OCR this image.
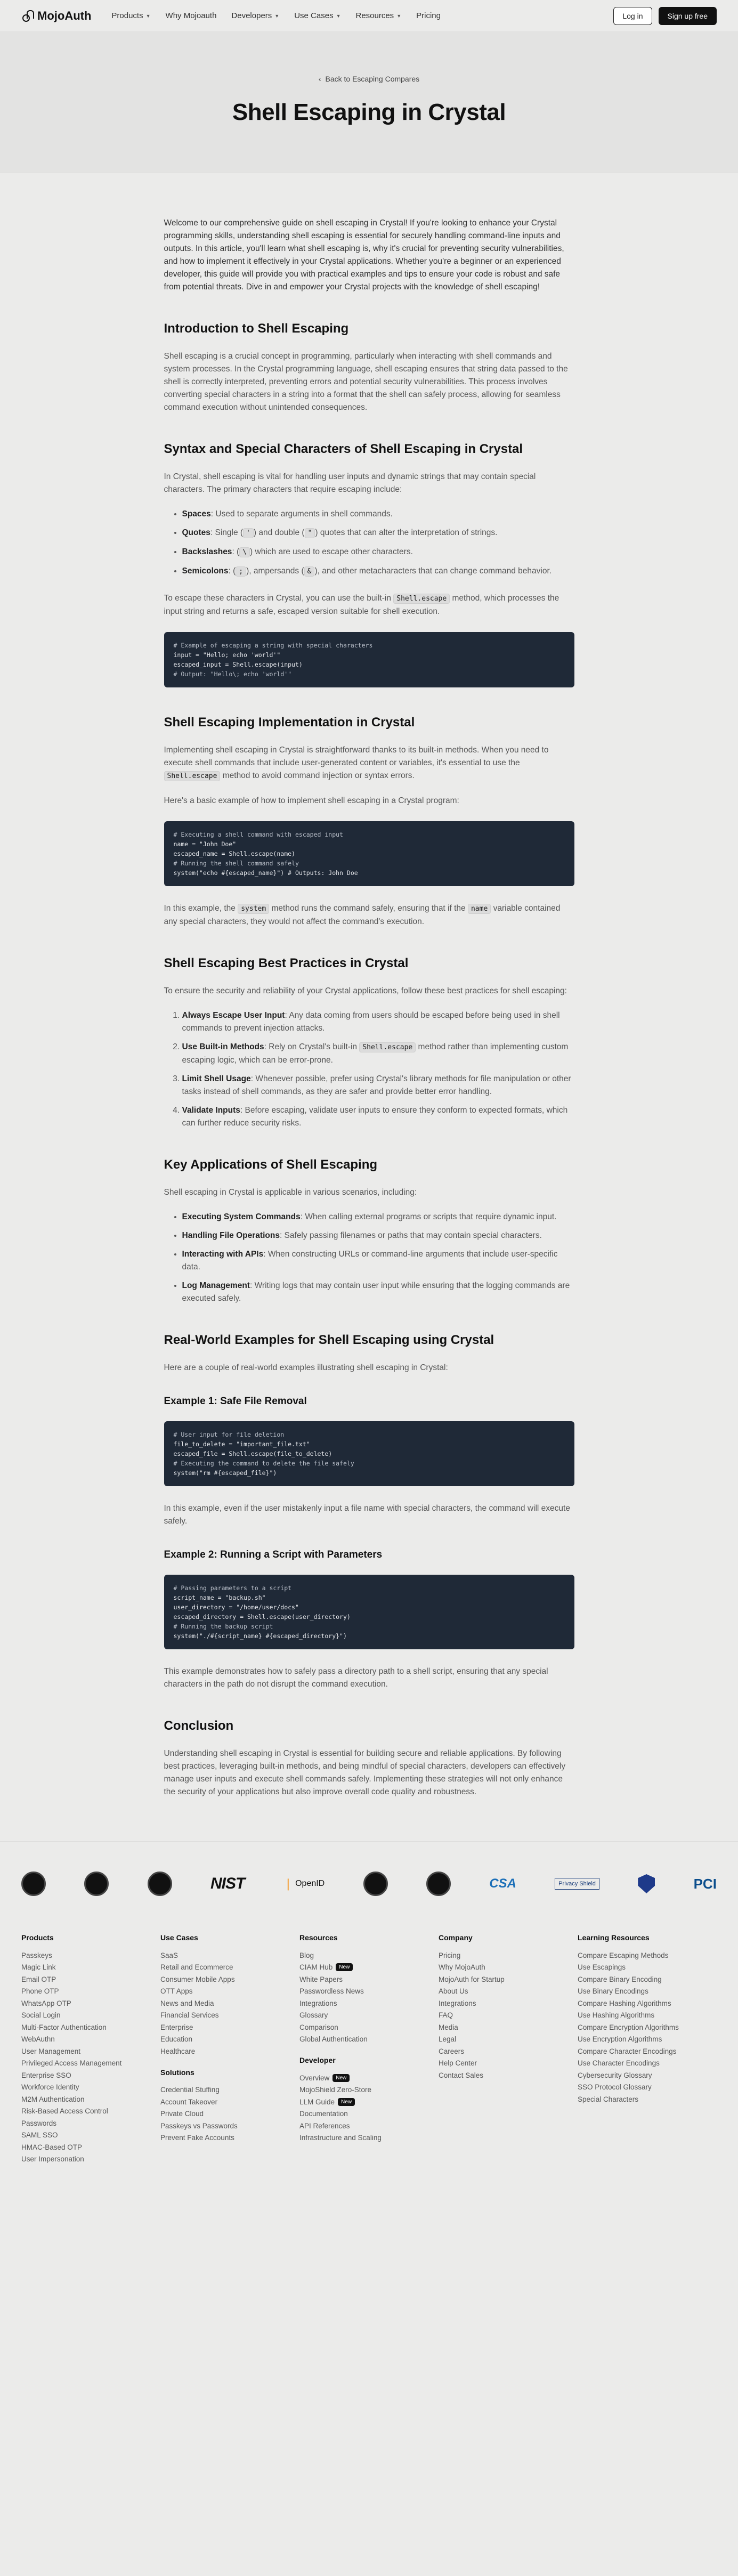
MojoAuth	Products ▼ Why Mojoauth Developers ▼ Use Cases ▼ Resources ▼ Pricing	Log in	Sign up free
‹ Back to Escaping Compares
Shell Escaping in Crystal

Welcome to our comprehensive guide on shell escaping in Crystal! If you're looking to enhance your Crystal programming skills, understanding shell escaping is essential for securely handling command-line inputs and outputs. In this article, you'll learn what shell escaping is, why it's crucial for preventing security vulnerabilities, and how to implement it effectively in your Crystal applications. Whether you're a beginner or an experienced developer, this guide will provide you with practical examples and tips to ensure your code is robust and safe from potential threats. Dive in and empower your Crystal projects with the knowledge of shell escaping!

Introduction to Shell Escaping

Shell escaping is a crucial concept in programming, particularly when interacting with shell commands and system processes. In the Crystal programming language, shell escaping ensures that string data passed to the shell is correctly interpreted, preventing errors and potential security vulnerabilities. This process involves converting special characters in a string into a format that the shell can safely process, allowing for seamless command execution without unintended consequences.

Syntax and Special Characters of Shell Escaping in Crystal

In Crystal, shell escaping is vital for handling user inputs and dynamic strings that may contain special characters. The primary characters that require escaping include:

• Spaces: Used to separate arguments in shell commands.
• Quotes: Single ( ' ) and double ( " ) quotes that can alter the interpretation of strings.
• Backslashes: ( \ ) which are used to escape other characters.
• Semicolons: ( ; ), ampersands ( & ), and other metacharacters that can change command behavior.

To escape these characters in Crystal, you can use the built-in Shell.escape method, which processes the input string and returns a safe, escaped version suitable for shell execution.

# Example of escaping a string with special characters
input = "Hello; echo 'world'"
escaped_input = Shell.escape(input)
# Output: "Hello\; echo 'world'"
Shell Escaping Implementation in Crystal

Implementing shell escaping in Crystal is straightforward thanks to its built-in methods. When you need to execute shell commands that include user-generated content or variables, it's essential to use the Shell.escape method to avoid command injection or syntax errors.

Here's a basic example of how to implement shell escaping in a Crystal program:

# Executing a shell command with escaped input
name = "John Doe"
escaped_name = Shell.escape(name)
# Running the shell command safely
system("echo #{escaped_name}") # Outputs: John Doe

In this example, the system method runs the command safely, ensuring that if the name variable contained any special characters, they would not affect the command's execution.

Shell Escaping Best Practices in Crystal

To ensure the security and reliability of your Crystal applications, follow these best practices for shell escaping:

1. Always Escape User Input: Any data coming from users should be escaped before being used in shell commands to prevent injection attacks.
2. Use Built-in Methods: Rely on Crystal's built-in Shell.escape method rather than implementing custom escaping logic, which can be error-prone.
3. Limit Shell Usage: Whenever possible, prefer using Crystal's library methods for file manipulation or other tasks instead of shell commands, as they are safer and provide better error handling.
4. Validate Inputs: Before escaping, validate user inputs to ensure they conform to expected formats, which can further reduce security risks.
Key Applications of Shell Escaping

Shell escaping in Crystal is applicable in various scenarios, including:

• Executing System Commands: When calling external programs or scripts that require dynamic input.
• Handling File Operations: Safely passing filenames or paths that may contain special characters.
• Interacting with APIs: When constructing URLs or command-line arguments that include user-specific data.
• Log Management: Writing logs that may contain user input while ensuring that the logging commands are executed safely.
Real-World Examples for Shell Escaping using Crystal

Here are a couple of real-world examples illustrating shell escaping in Crystal:

Example 1: Safe File Removal
# User input for file deletion
file_to_delete = "important_file.txt"
escaped_file = Shell.escape(file_to_delete)
# Executing the command to delete the file safely
system("rm #{escaped_file}")

In this example, even if the user mistakenly input a file name with special characters, the command will execute safely.

Example 2: Running a Script with Parameters
# Passing parameters to a script
script_name = "backup.sh"
user_directory = "/home/user/docs"
escaped_directory = Shell.escape(user_directory)
# Running the backup script
system("./#{script_name} #{escaped_directory}")

This example demonstrates how to safely pass a directory path to a shell script, ensuring that any special characters in the path do not disrupt the command execution.

Conclusion

Understanding shell escaping in Crystal is essential for building secure and reliable applications. By following best practices, leveraging built-in methods, and being mindful of special characters, developers can effectively manage user inputs and execute shell commands safely. Implementing these strategies will not only enhance the security of your applications but also improve overall code quality and robustness.

NIST	❘ OpenID	CSA	Privacy Shield	PCI
Products
Passkeys
Magic Link
Email OTP
Phone OTP
WhatsApp OTP
Social Login
Multi-Factor Authentication
WebAuthn
User Management
Privileged Access Management
Enterprise SSO
Workforce Identity
M2M Authentication
Risk-Based Access Control
Passwords
SAML SSO
HMAC-Based OTP
User Impersonation
Use Cases
SaaS
Retail and Ecommerce
Consumer Mobile Apps
OTT Apps
News and Media
Financial Services
Enterprise
Education
Healthcare
Solutions
Credential Stuffing
Account Takeover
Private Cloud
Passkeys vs Passwords
Prevent Fake Accounts
Resources
Blog
CIAM Hub	New
White Papers
Passwordless News
Integrations
Glossary
Comparison
Global Authentication
Developer
Overview	New
MojoShield Zero-Store
LLM Guide	New
Documentation
API References
Infrastructure and Scaling
Company
Pricing
Why MojoAuth
MojoAuth for Startup
About Us
Integrations
FAQ
Media
Legal
Careers
Help Center
Contact Sales
Learning Resources
Compare Escaping Methods
Use Escapings
Compare Binary Encoding
Use Binary Encodings
Compare Hashing Algorithms
Use Hashing Algorithms
Compare Encryption Algorithms
Use Encryption Algorithms
Compare Character Encodings
Use Character Encodings
Cybersecurity Glossary
SSO Protocol Glossary
Special Characters
